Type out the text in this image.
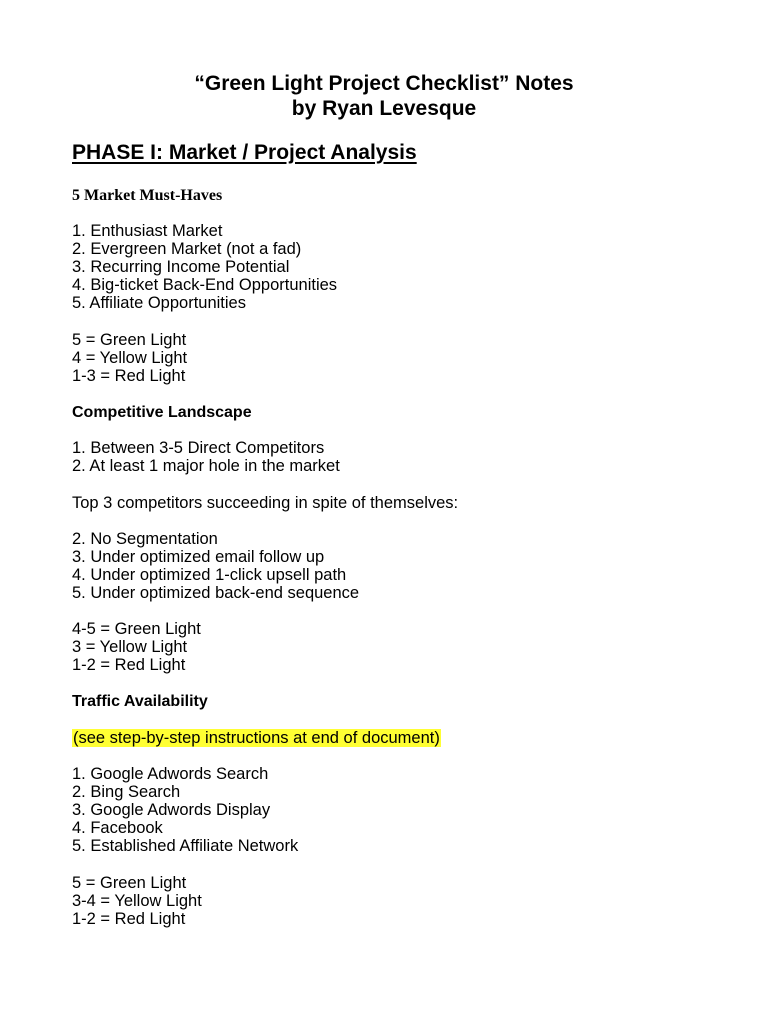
“Green Light Project Checklist” Notes
by Ryan Levesque
PHASE I: Market / Project Analysis
5 Market Must-Haves
1. Enthusiast Market
2. Evergreen Market (not a fad)
3. Recurring Income Potential
4. Big-ticket Back-End Opportunities
5. Affiliate Opportunities
5 = Green Light
4 = Yellow Light
1-3 = Red Light
Competitive Landscape
1. Between 3-5 Direct Competitors
2. At least 1 major hole in the market

Top 3 competitors succeeding in spite of themselves:

2. No Segmentation
3. Under optimized email follow up
4. Under optimized 1-click upsell path
5. Under optimized back-end sequence
4-5 = Green Light
3 = Yellow Light
1-2 = Red Light
Traffic Availability

(see step-by-step instructions at end of document)

1. Google Adwords Search
2. Bing Search
3. Google Adwords Display
4. Facebook
5. Established Affiliate Network
5 = Green Light
3-4 = Yellow Light
1-2 = Red Light
